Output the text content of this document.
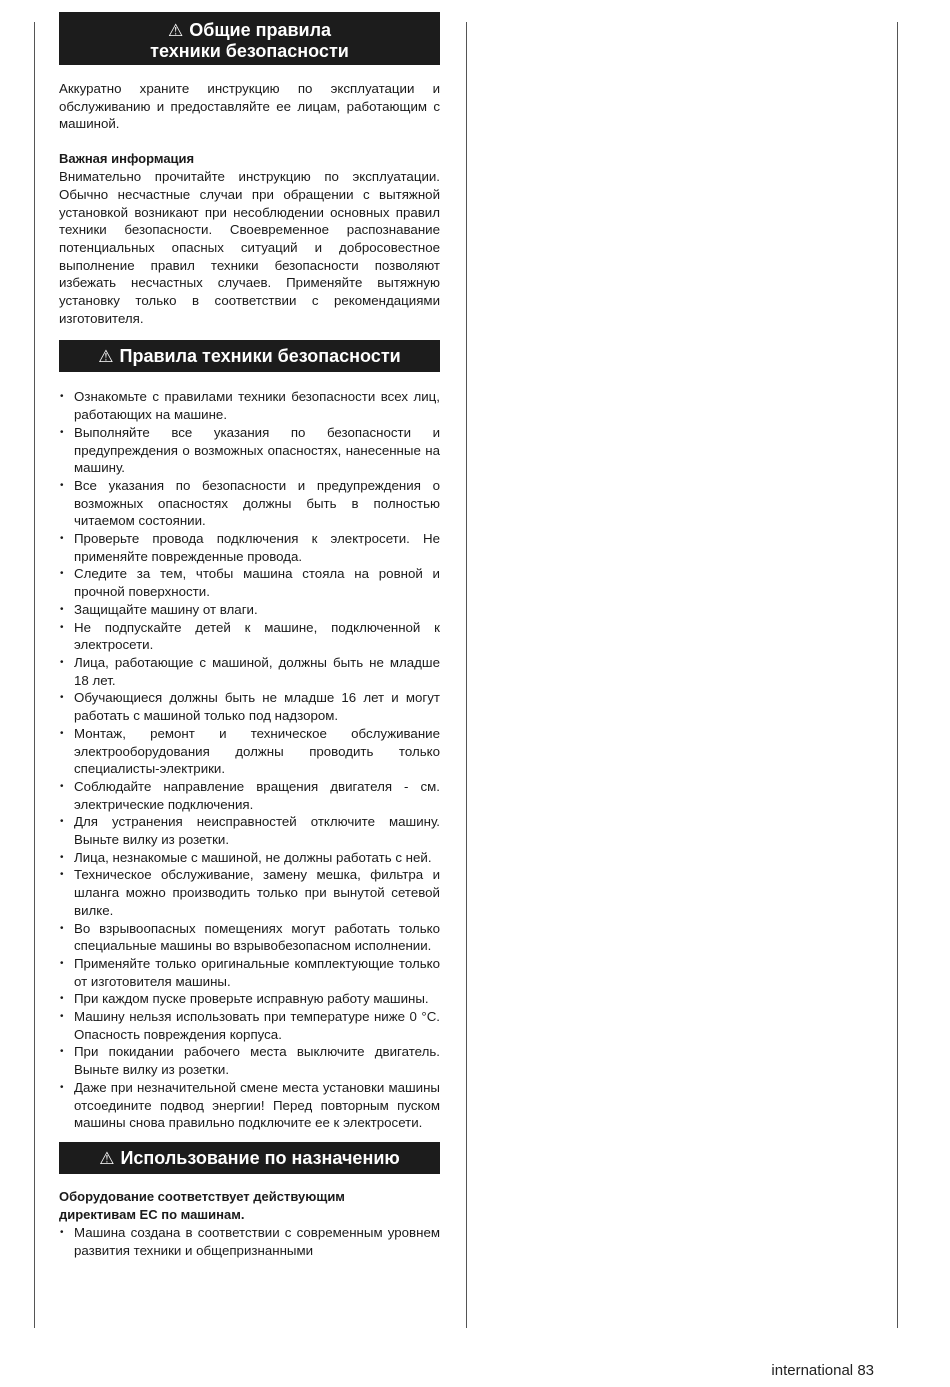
⚠ Общие правила
техники безопасности

Аккуратно храните инструкцию по эксплуатации и обслуживанию и предоставляйте ее лицам, работающим с машиной.

Важная информация

Внимательно прочитайте инструкцию по эксплуатации. Обычно несчастные случаи при обращении с вытяжной установкой возникают при несоблюдении основных правил техники безопасности. Своевременное распознавание потенциальных опасных ситуаций и добросовестное выполнение правил техники безопасности позволяют избежать несчастных случаев. Применяйте вытяжную установку только в соответствии с рекомендациями изготовителя.

⚠ Правила техники безопасности
• Ознакомьте с правилами техники безопасности всех лиц, работающих на машине.
• Выполняйте все указания по безопасности и предупреждения о возможных опасностях, нанесенные на машину.
• Все указания по безопасности и предупреждения о возможных опасностях должны быть в полностью читаемом состоянии.
• Проверьте провода подключения к электросети. Не применяйте поврежденные провода.
• Следите за тем, чтобы машина стояла на ровной и прочной поверхности.
• Защищайте машину от влаги.
• Не подпускайте детей к машине, подключенной к электросети.
• Лица, работающие с машиной, должны быть не младше 18 лет.
• Обучающиеся должны быть не младше 16 лет и могут работать с машиной только под надзором.
• Монтаж, ремонт и техническое обслуживание электрооборудования должны проводить только специалисты-электрики.
• Соблюдайте направление вращения двигателя - см. электрические подключения.
• Для устранения неисправностей отключите машину. Выньте вилку из розетки.
• Лица, незнакомые с машиной, не должны работать с ней.
• Техническое обслуживание, замену мешка, фильтра и шланга можно производить только при вынутой сетевой вилке.
• Во взрывоопасных помещениях могут работать только специальные машины во взрывобезопасном исполнении.
• Применяйте только оригинальные комплектующие только от изготовителя машины.
• При каждом пуске проверьте исправную работу машины.
• Машину нельзя использовать при температуре ниже 0 °C. Опасность повреждения корпуса.
• При покидании рабочего места выключите двигатель. Выньте вилку из розетки.
• Даже при незначительной смене места установки машины отсоедините подвод энергии! Перед повторным пуском машины снова правильно подключите ее к электросети.
⚠ Использование по назначению

Оборудование соответствует действующим

директивам ЕС по машинам.

• Машина создана в соответствии с современным уровнем развития техники и общепризнанными
international 83
